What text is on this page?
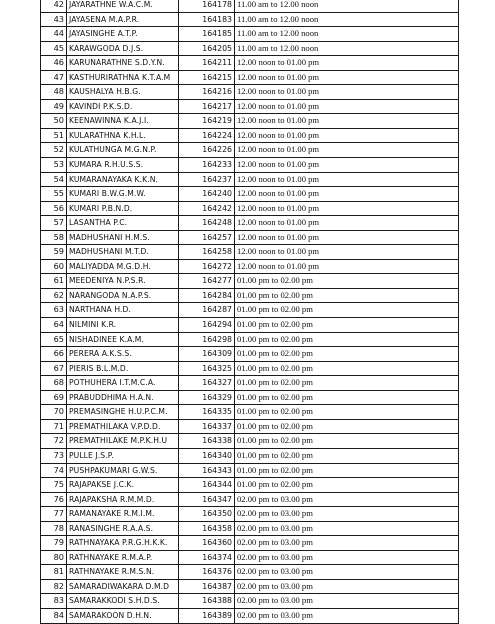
42	JAYARATHNE W.A.C.M.	164178	11.00 am to 12.00 noon
43	JAYASENA M.A.P.R.	164183	11.00 am to 12.00 noon
44	JAYASINGHE A.T.P.	164185	11.00 am to 12.00 noon
45	KARAWGODA D.J.S.	164205	11.00 am to 12.00 noon
46	KARUNARATHNE S.D.Y.N.	164211	12.00 noon to 01.00 pm
47	KASTHURIRATHNA K.T.A.M	164215	12.00 noon to 01.00 pm
48	KAUSHALYA H.B.G.	164216	12.00 noon to 01.00 pm
49	KAVINDI P.K.S.D.	164217	12.00 noon to 01.00 pm
50	KEENAWINNA K.A.J.I.	164219	12.00 noon to 01.00 pm
51	KULARATHNA K.H.L.	164224	12.00 noon to 01.00 pm
52	KULATHUNGA M.G.N.P.	164226	12.00 noon to 01.00 pm
53	KUMARA R.H.U.S.S.	164233	12.00 noon to 01.00 pm
54	KUMARANAYAKA K.K.N.	164237	12.00 noon to 01.00 pm
55	KUMARI B.W.G.M.W.	164240	12.00 noon to 01.00 pm
56	KUMARI P.B.N.D.	164242	12.00 noon to 01.00 pm
57	LASANTHA P.C.	164248	12.00 noon to 01.00 pm
58	MADHUSHANI H.M.S.	164257	12.00 noon to 01.00 pm
59	MADHUSHANI M.T.D.	164258	12.00 noon to 01.00 pm
60	MALIYADDA M.G.D.H.	164272	12.00 noon to 01.00 pm
61	MEEDENIYA N.P.S.R.	164277	01.00 pm to 02.00 pm
62	NARANGODA N.A.P.S.	164284	01.00 pm to 02.00 pm
63	NARTHANA H.D.	164287	01.00 pm to 02.00 pm
64	NILMINI K.R.	164294	01.00 pm to 02.00 pm
65	NISHADINEE K.A.M.	164298	01.00 pm to 02.00 pm
66	PERERA A.K.S.S.	164309	01.00 pm to 02.00 pm
67	PIERIS B.L.M.D.	164325	01.00 pm to 02.00 pm
68	POTHUHERA I.T.M.C.A.	164327	01.00 pm to 02.00 pm
69	PRABUDDHIMA H.A.N.	164329	01.00 pm to 02.00 pm
70	PREMASINGHE H.U.P.C.M.	164335	01.00 pm to 02.00 pm
71	PREMATHILAKA V.P.D.D.	164337	01.00 pm to 02.00 pm
72	PREMATHILAKE M.P.K.H.U	164338	01.00 pm to 02.00 pm
73	PULLE J.S.P.	164340	01.00 pm to 02.00 pm
74	PUSHPAKUMARI G.W.S.	164343	01.00 pm to 02.00 pm
75	RAJAPAKSE J.C.K.	164344	01.00 pm to 02.00 pm
76	RAJAPAKSHA R.M.M.D.	164347	02.00 pm to 03.00 pm
77	RAMANAYAKE R.M.I.M.	164350	02.00 pm to 03.00 pm
78	RANASINGHE R.A.A.S.	164358	02.00 pm to 03.00 pm
79	RATHNAYAKA P.R.G.H.K.K.	164360	02.00 pm to 03.00 pm
80	RATHNAYAKE R.M.A.P.	164374	02.00 pm to 03.00 pm
81	RATHNAYAKE R.M.S.N.	164376	02.00 pm to 03.00 pm
82	SAMARADIWAKARA D.M.D	164387	02.00 pm to 03.00 pm
83	SAMARAKKODI S.H.D.S.	164388	02.00 pm to 03.00 pm
84	SAMARAKOON D.H.N.	164389	02.00 pm to 03.00 pm
